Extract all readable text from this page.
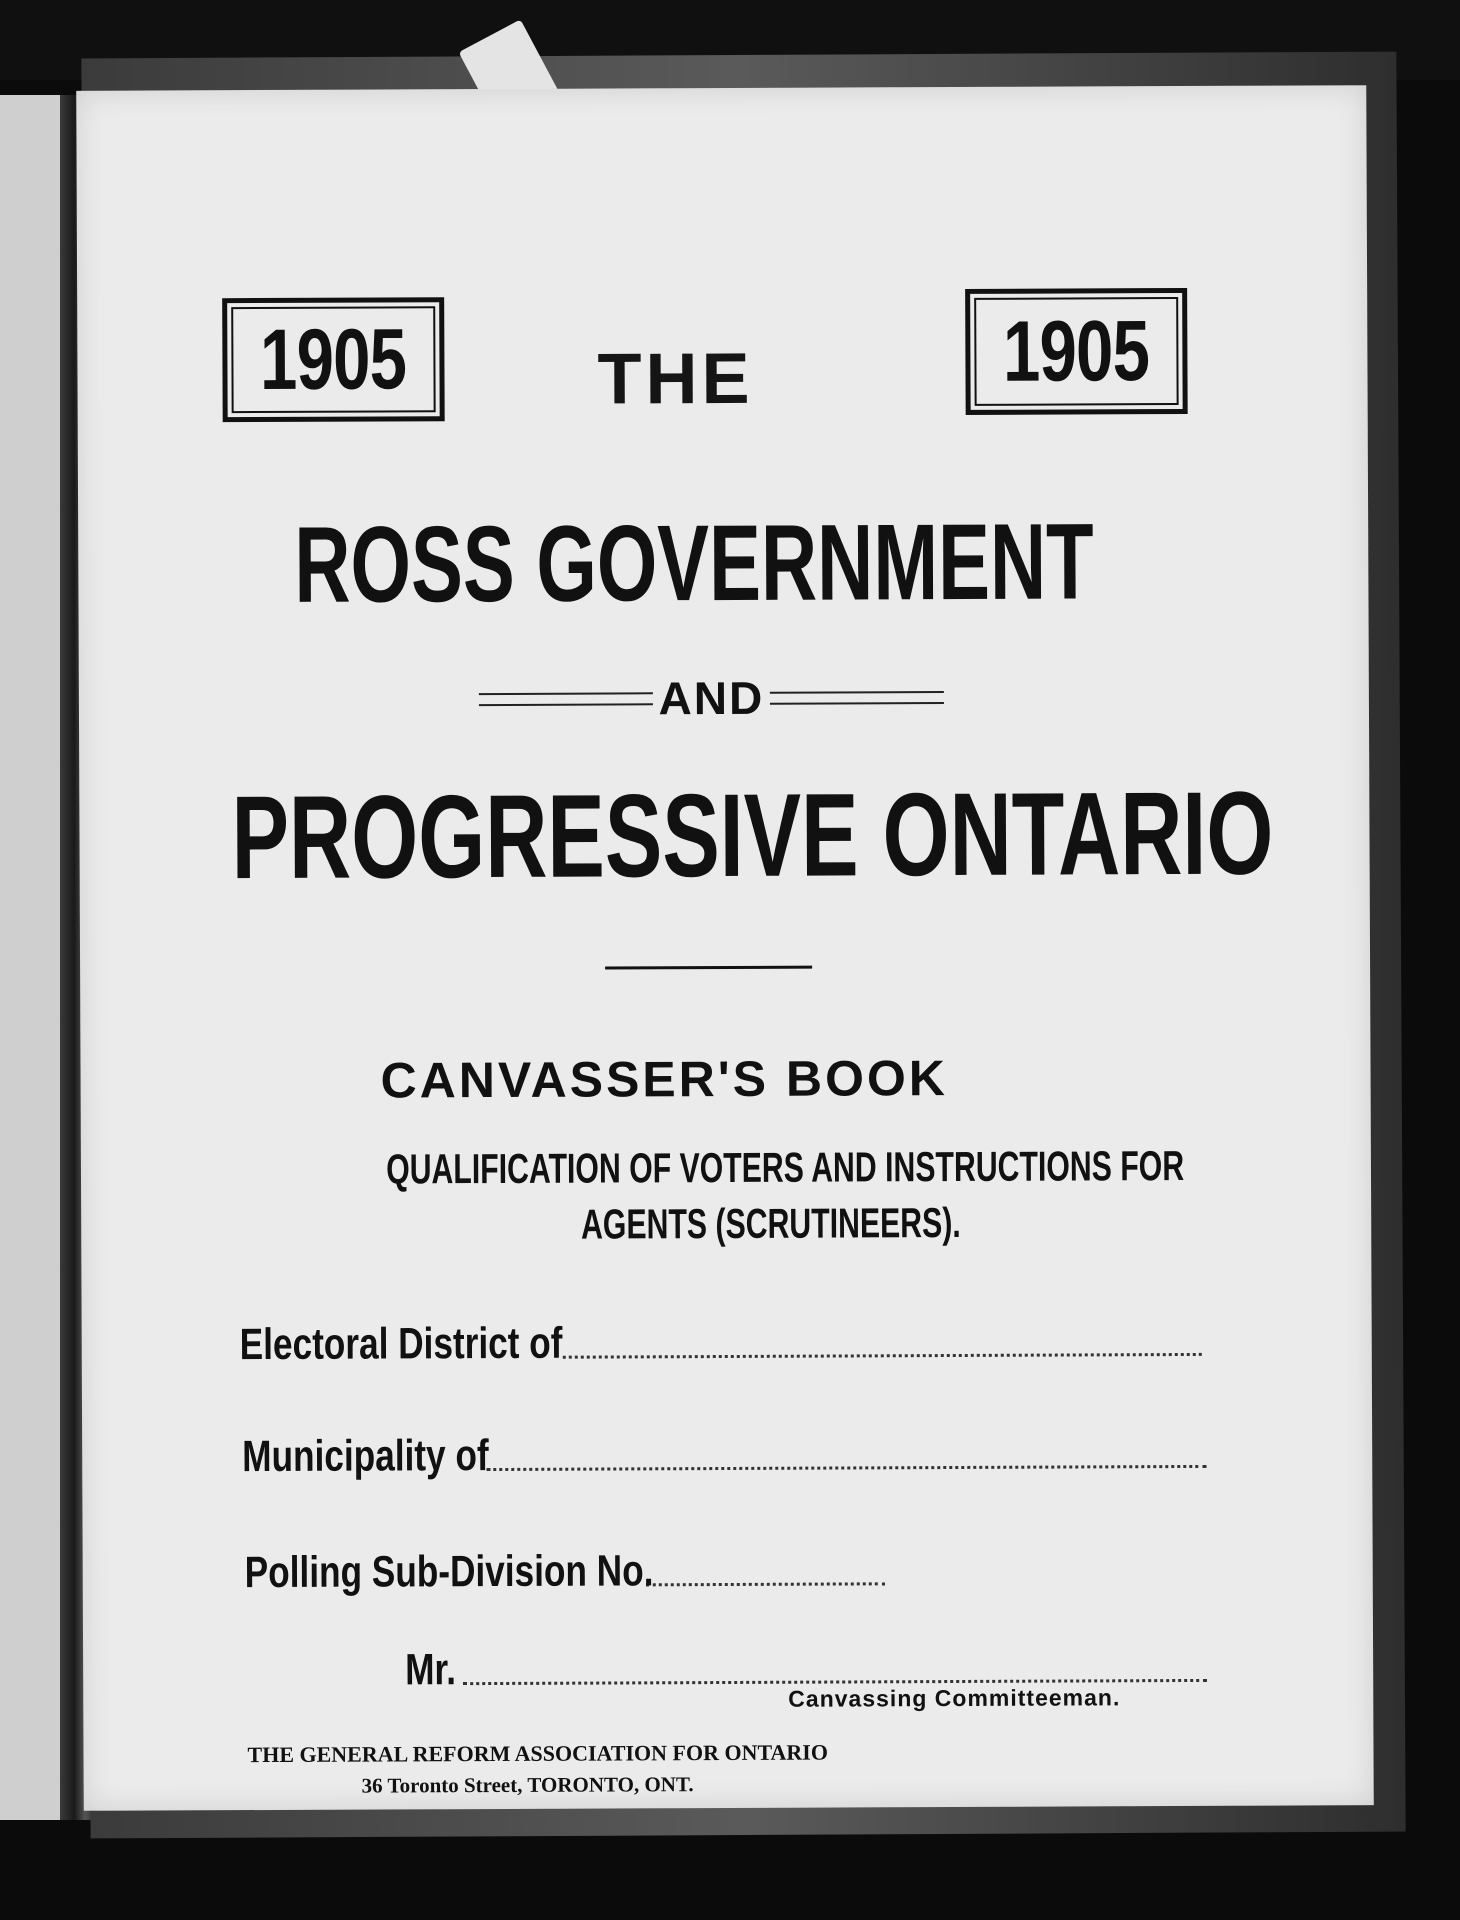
1905	THE	1905
ROSS GOVERNMENT
AND
PROGRESSIVE ONTARIO
CANVASSER'S BOOK
QUALIFICATION OF VOTERS AND INSTRUCTIONS FOR
AGENTS (SCRUTINEERS).
Electoral District of
Municipality of
Polling Sub-Division No.
Mr.
Canvassing Committeeman.
THE GENERAL REFORM ASSOCIATION FOR ONTARIO
36 Toronto Street, TORONTO, ONT.
